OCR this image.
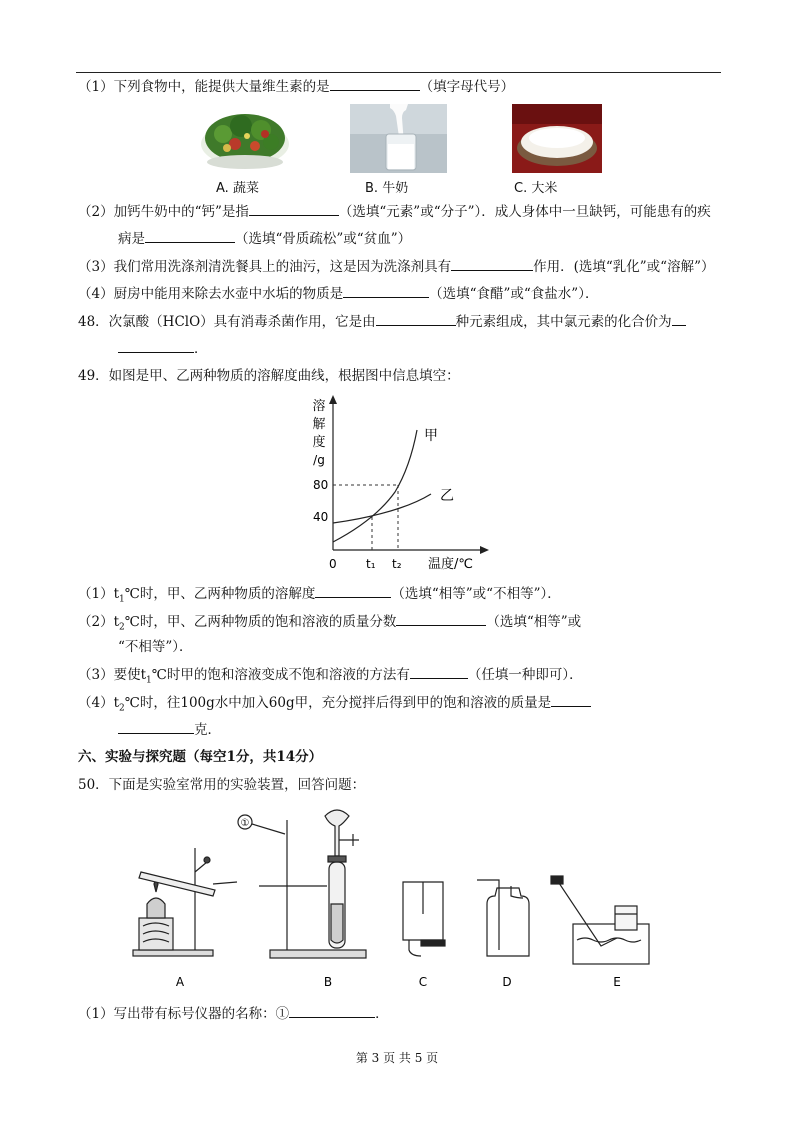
（1）下列食物中，能提供大量维生素的是	（填字母代号）
A. 蔬菜	B. 牛奶	C. 大米
（2）加钙牛奶中的“钙”是指	（选填“元素”或“分子”）．成人身体中一旦缺钙，可能患有的疾
病是	（选填“骨质疏松”或“贫血”）
（3）我们常用洗涤剂清洗餐具上的油污，这是因为洗涤剂具有	作用．(选填“乳化”或“溶解”）
（4）厨房中能用来除去水壶中水垢的物质是	（选填“食醋”或“食盐水”）．
48．次氯酸（HClO）具有消毒杀菌作用，它是由	种元素组成，其中氯元素的化合价为
．
49．如图是甲、乙两种物质的溶解度曲线，根据图中信息填空：
溶
解
度
/g
80
40
0 t₁ t₂ 温度/℃
甲
乙
$(1)t_1℃$时，甲、乙两种物质的溶解度	（选填“相等”或“不相等”）．
$(2)t_2℃$时，甲、乙两种物质的饱和溶液的质量分数	（选填“相等”或
“不相等”）．
（3）要使$t_1℃$时甲的饱和溶液变成不饱和溶液的方法有	（任填一种即可）．
$(4)t_2℃$时，往100g水中加入60g甲，充分搅拌后得到甲的饱和溶液的质量是
克．
六、实验与探究题（每空1分，共14分）
50．下面是实验室常用的实验装置，回答问题：
A	B	C	D	E
①
（1）写出带有标号仪器的名称：①	．
第 3 页 共 5 页
